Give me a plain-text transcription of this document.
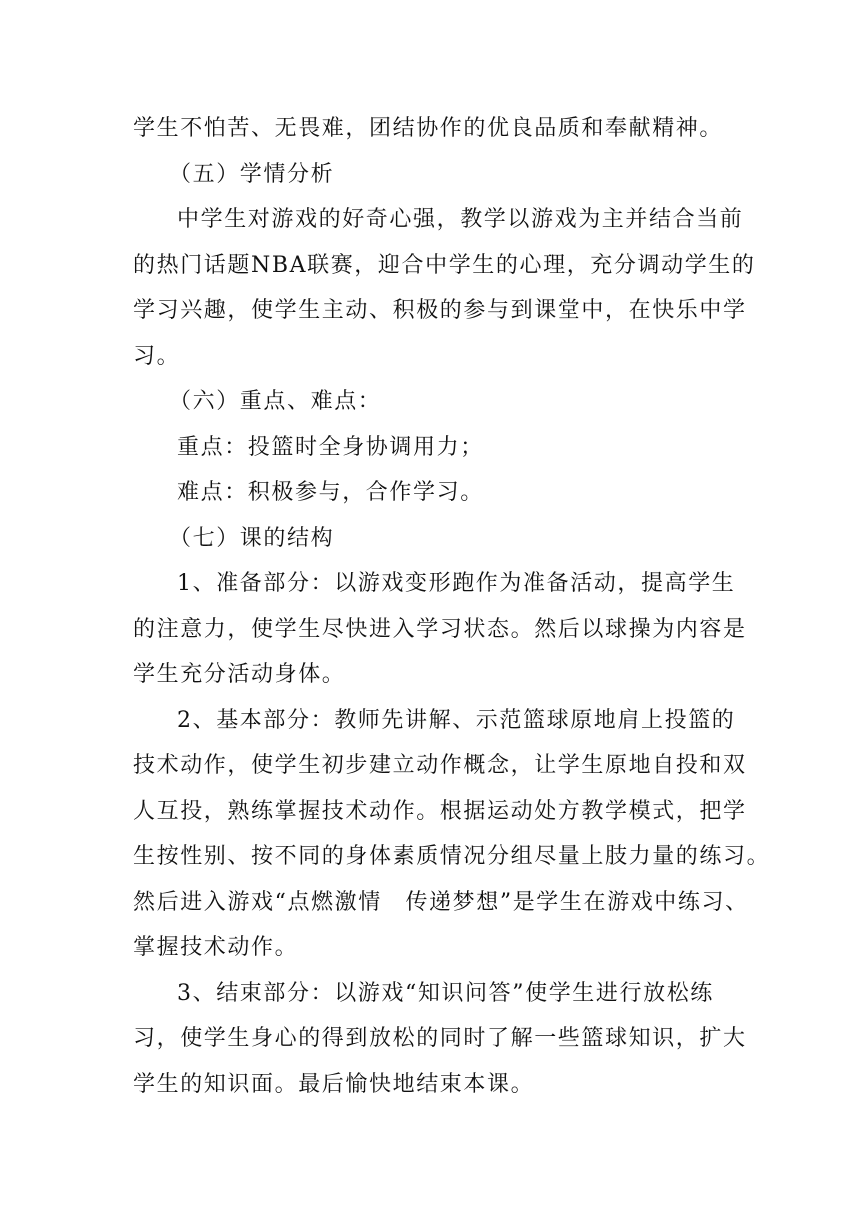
学生不怕苦、无畏难，团结协作的优良品质和奉献精神。
（五）学情分析
中学生对游戏的好奇心强，教学以游戏为主并结合当前
的热门话题NBA联赛，迎合中学生的心理，充分调动学生的
学习兴趣，使学生主动、积极的参与到课堂中，在快乐中学
习。
（六）重点、难点：
重点：投篮时全身协调用力；
难点：积极参与，合作学习。
（七）课的结构
1、准备部分：以游戏变形跑作为准备活动，提高学生
的注意力，使学生尽快进入学习状态。然后以球操为内容是
学生充分活动身体。
2、基本部分：教师先讲解、示范篮球原地肩上投篮的
技术动作，使学生初步建立动作概念，让学生原地自投和双
人互投，熟练掌握技术动作。根据运动处方教学模式，把学
生按性别、按不同的身体素质情况分组尽量上肢力量的练习。
然后进入游戏“点燃激情　传递梦想”是学生在游戏中练习、
掌握技术动作。
3、结束部分：以游戏“知识问答”使学生进行放松练
习，使学生身心的得到放松的同时了解一些篮球知识，扩大
学生的知识面。最后愉快地结束本课。
